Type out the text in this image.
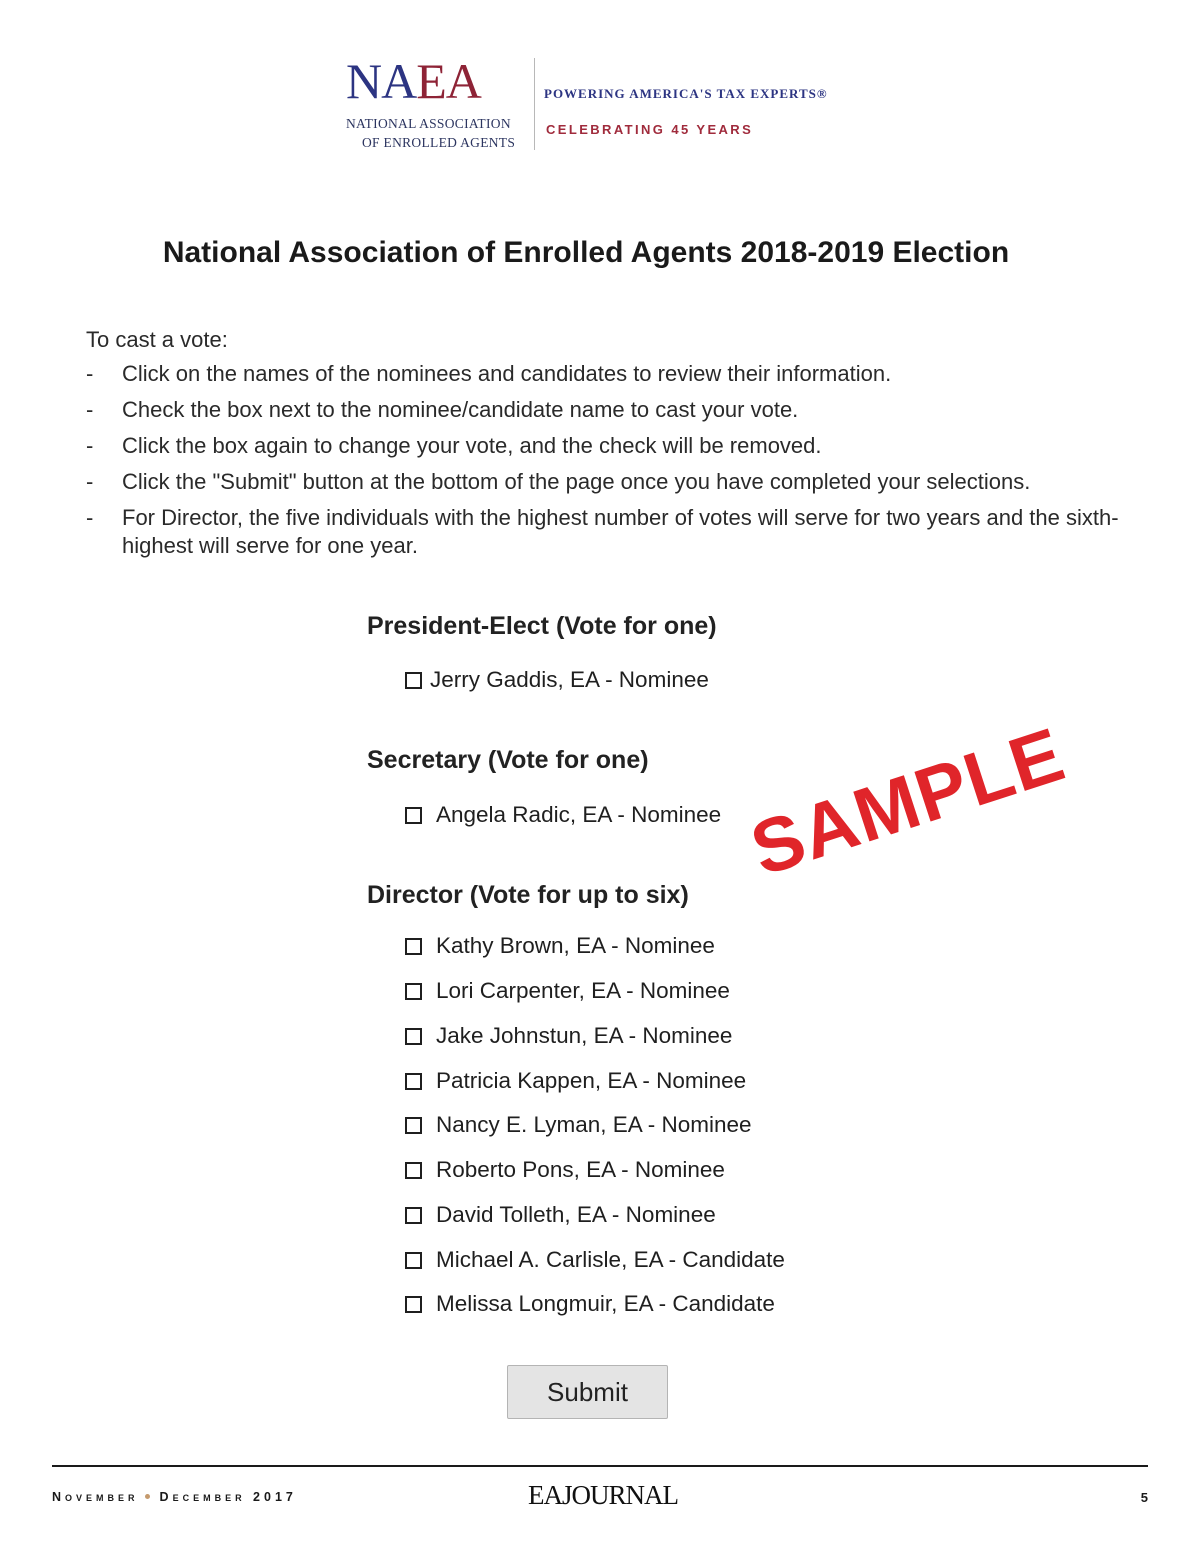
NAEA
NATIONAL ASSOCIATION
OF ENROLLED AGENTS
POWERING AMERICA'S TAX EXPERTS®
CELEBRATING 45 YEARS
National Association of Enrolled Agents 2018-2019 Election
To cast a vote:
- Click on the names of the nominees and candidates to review their information.
- Check the box next to the nominee/candidate name to cast your vote.
- Click the box again to change your vote, and the check will be removed.
- Click the "Submit" button at the bottom of the page once you have completed your selections.
- For Director, the five individuals with the highest number of votes will serve for two years and the sixth-highest will serve for one year.
President-Elect (Vote for one)
Jerry Gaddis, EA - Nominee
Secretary (Vote for one)
Angela Radic, EA - Nominee SAMPLE
Director (Vote for up to six)
Kathy Brown, EA - Nominee
Lori Carpenter, EA - Nominee
Jake Johnstun, EA - Nominee
Patricia Kappen, EA - Nominee
Nancy E. Lyman, EA - Nominee
Roberto Pons, EA - Nominee
David Tolleth, EA - Nominee
Michael A. Carlisle, EA - Candidate
Melissa Longmuir, EA - Candidate
Submit
November December 2017	EAJOURNAL	5
